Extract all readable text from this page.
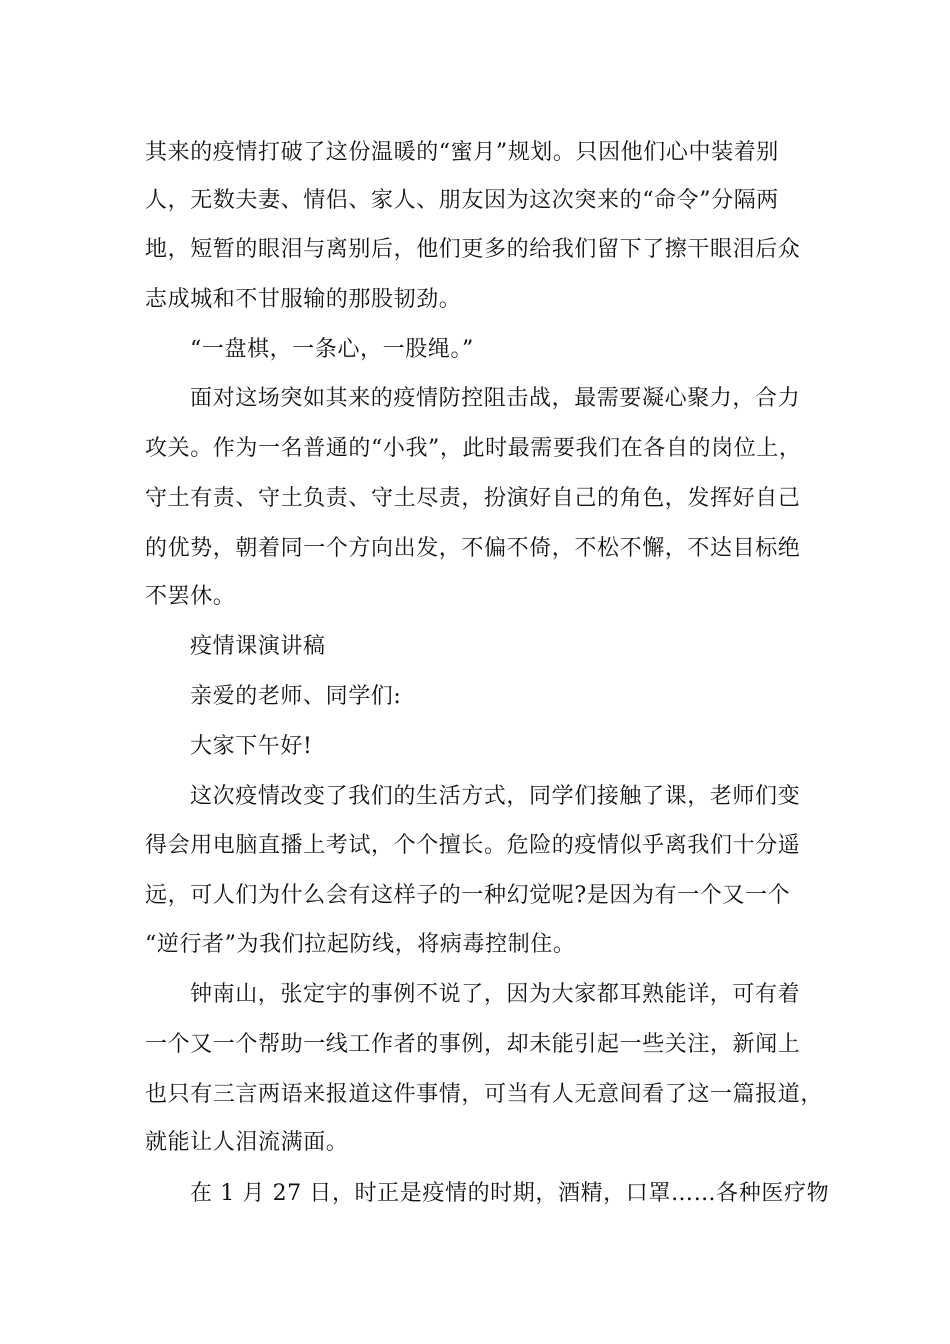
其来的疫情打破了这份温暖的“蜜月”规划。只因他们心中装着别
人，无数夫妻、情侣、家人、朋友因为这次突来的“命令”分隔两
地，短暂的眼泪与离别后，他们更多的给我们留下了擦干眼泪后众
志成城和不甘服输的那股韧劲。
“一盘棋，一条心，一股绳。”
面对这场突如其来的疫情防控阻击战，最需要凝心聚力，合力
攻关。作为一名普通的“小我”，此时最需要我们在各自的岗位上，
守土有责、守土负责、守土尽责，扮演好自己的角色，发挥好自己
的优势，朝着同一个方向出发，不偏不倚，不松不懈，不达目标绝
不罢休。
疫情课演讲稿
亲爱的老师、同学们:
大家下午好!
这次疫情改变了我们的生活方式，同学们接触了课，老师们变
得会用电脑直播上考试，个个擅长。危险的疫情似乎离我们十分遥
远，可人们为什么会有这样子的一种幻觉呢?是因为有一个又一个
“逆行者”为我们拉起防线，将病毒控制住。
钟南山，张定宇的事例不说了，因为大家都耳熟能详，可有着
一个又一个帮助一线工作者的事例，却未能引起一些关注，新闻上
也只有三言两语来报道这件事情，可当有人无意间看了这一篇报道，
就能让人泪流满面。
在 1 月 27 日，时正是疫情的时期，酒精，口罩……各种医疗物
